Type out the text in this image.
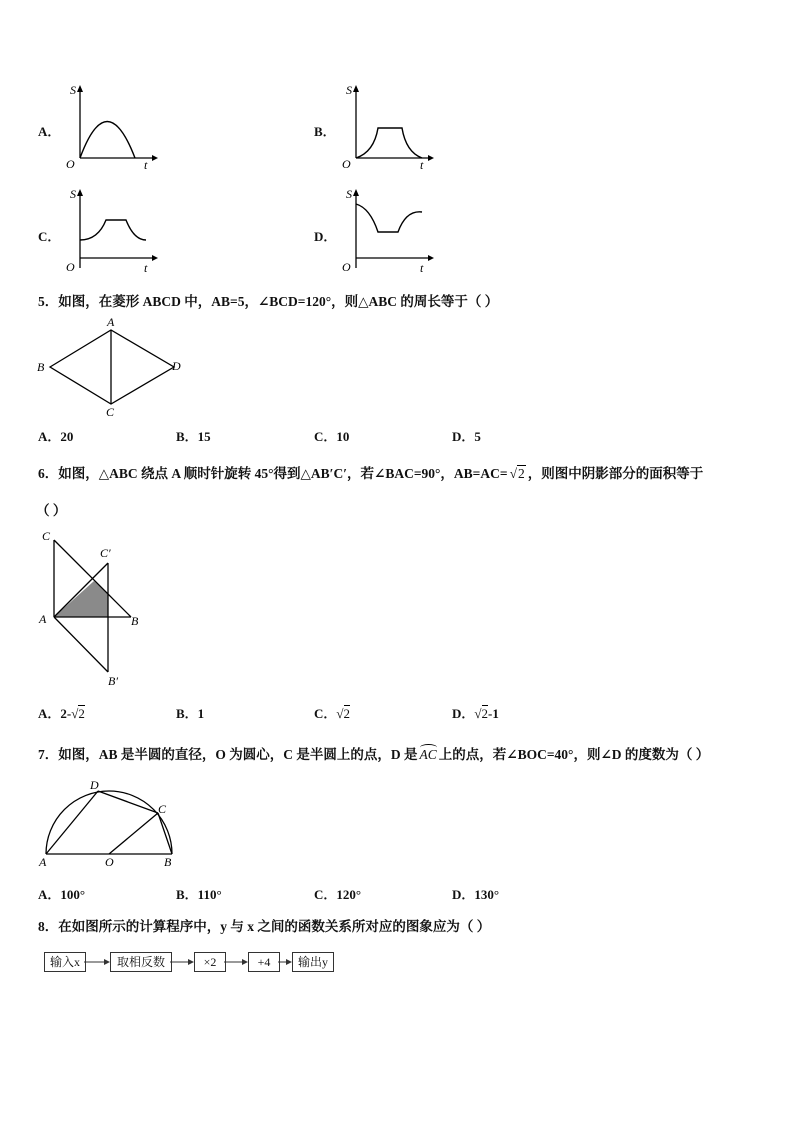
A．	B．
C．	D．
S
O	t
S
O	t
S
O	t
S
O	t
5．如图，在菱形 ABCD 中，AB=5，∠BCD=120°，则△ABC 的周长等于（ ）
A
B
C
D
A．20	B．15	C．10	D．5
6．如图，△ABC 绕点 A 顺时针旋转 45°得到△AB′C′，若∠BAC=90°，AB=AC= √2 ，则图中阴影部分的面积等于
（ ）
C
C′
A	B
B′
A．2-√2	B．1	C．√2	D．√2-1
7．如图，AB 是半圆的直径，O 为圆心，C 是半圆上的点，D 是 AC 上的点，若∠BOC=40°，则∠D 的度数为（ ）
D
C
A	O	B
A．100°	B．110°	C．120°	D．130°
8．在如图所示的计算程序中，y 与 x 之间的函数关系所对应的图象应为（ ）
输入x	取相反数	×2	+4	输出y
